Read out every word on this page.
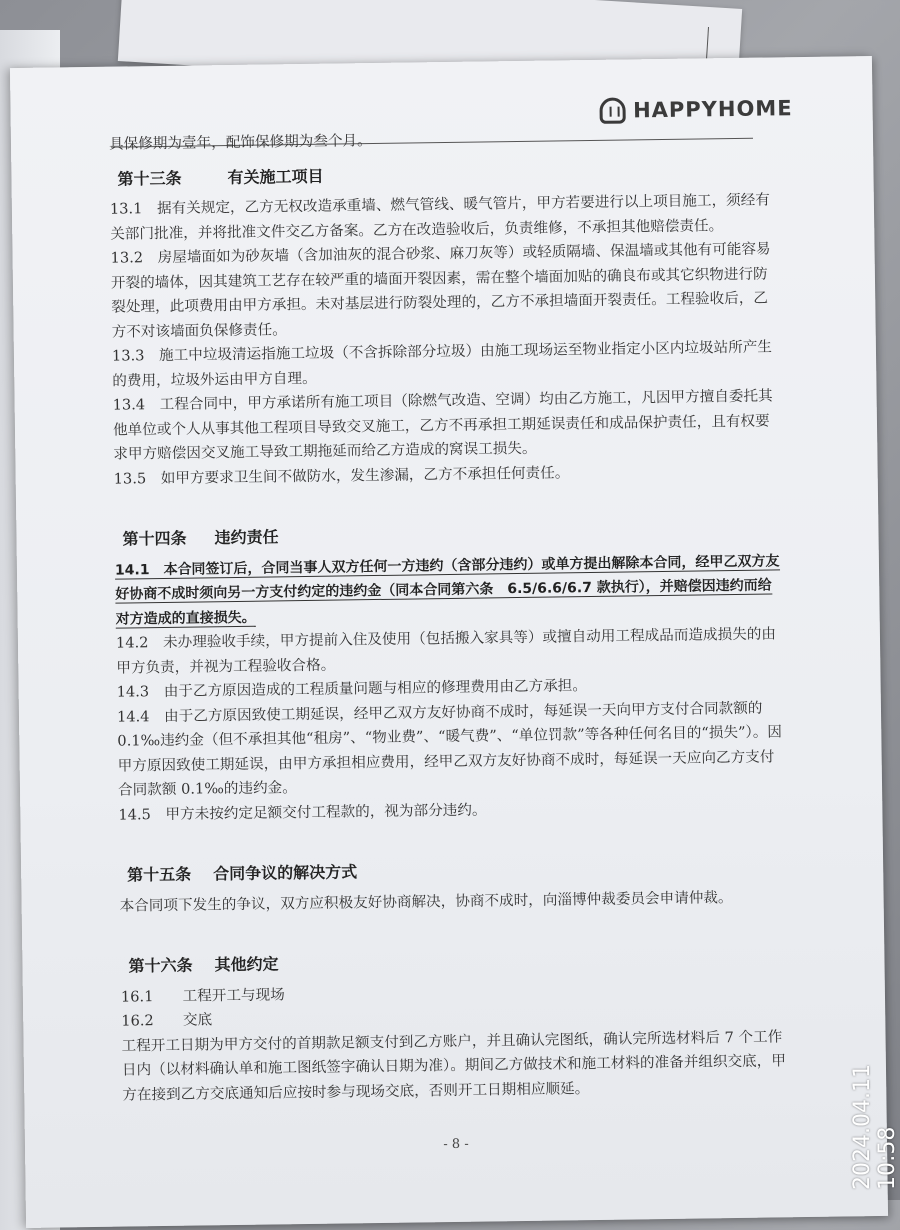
HAPPYHOME

具保修期为壹年，配饰保修期为叁个月。

第十三条	有关施工项目

13.1　据有关规定，乙方无权改造承重墙、燃气管线、暖气管片，甲方若要进行以上项目施工，须经有关部门批准，并将批准文件交乙方备案。乙方在改造验收后，负责维修，不承担其他赔偿责任。

13.2　房屋墙面如为砂灰墙（含加油灰的混合砂浆、麻刀灰等）或轻质隔墙、保温墙或其他有可能容易开裂的墙体，因其建筑工艺存在较严重的墙面开裂因素，需在整个墙面加贴的确良布或其它织物进行防裂处理，此项费用由甲方承担。未对基层进行防裂处理的，乙方不承担墙面开裂责任。工程验收后，乙方不对该墙面负保修责任。

13.3　施工中垃圾清运指施工垃圾（不含拆除部分垃圾）由施工现场运至物业指定小区内垃圾站所产生的费用，垃圾外运由甲方自理。

13.4　工程合同中，甲方承诺所有施工项目（除燃气改造、空调）均由乙方施工，凡因甲方擅自委托其他单位或个人从事其他工程项目导致交叉施工，乙方不再承担工期延误责任和成品保护责任，且有权要求甲方赔偿因交叉施工导致工期拖延而给乙方造成的窝误工损失。

13.5　如甲方要求卫生间不做防水，发生渗漏，乙方不承担任何责任。

第十四条 违约责任

14.1　本合同签订后，合同当事人双方任何一方违约（含部分违约）或单方提出解除本合同，经甲乙双方友好协商不成时须向另一方支付约定的违约金（同本合同第六条　6.5/6.6/6.7 款执行），并赔偿因违约而给对方造成的直接损失。

14.2　未办理验收手续，甲方提前入住及使用（包括搬入家具等）或擅自动用工程成品而造成损失的由甲方负责，并视为工程验收合格。

14.3　由于乙方原因造成的工程质量问题与相应的修理费用由乙方承担。

14.4　由于乙方原因致使工期延误，经甲乙双方友好协商不成时，每延误一天向甲方支付合同款额的 0.1‰违约金（但不承担其他“租房”、“物业费”、“暖气费”、“单位罚款”等各种任何名目的“损失”）。因甲方原因致使工期延误，由甲方承担相应费用，经甲乙双方友好协商不成时，每延误一天应向乙方支付合同款额 0.1‰的违约金。

14.5　甲方未按约定足额交付工程款的，视为部分违约。

第十五条 合同争议的解决方式

本合同项下发生的争议，双方应积极友好协商解决，协商不成时，向淄博仲裁委员会申请仲裁。

第十六条 其他约定

16.1　　工程开工与现场

16.2　　交底

工程开工日期为甲方交付的首期款足额支付到乙方账户，并且确认完图纸，确认完所选材料后 7 个工作日内（以材料确认单和施工图纸签字确认日期为准）。期间乙方做技术和施工材料的准备并组织交底，甲方在接到乙方交底通知后应按时参与现场交底，否则开工日期相应顺延。

- 8 -	2024.04.11 10:58
